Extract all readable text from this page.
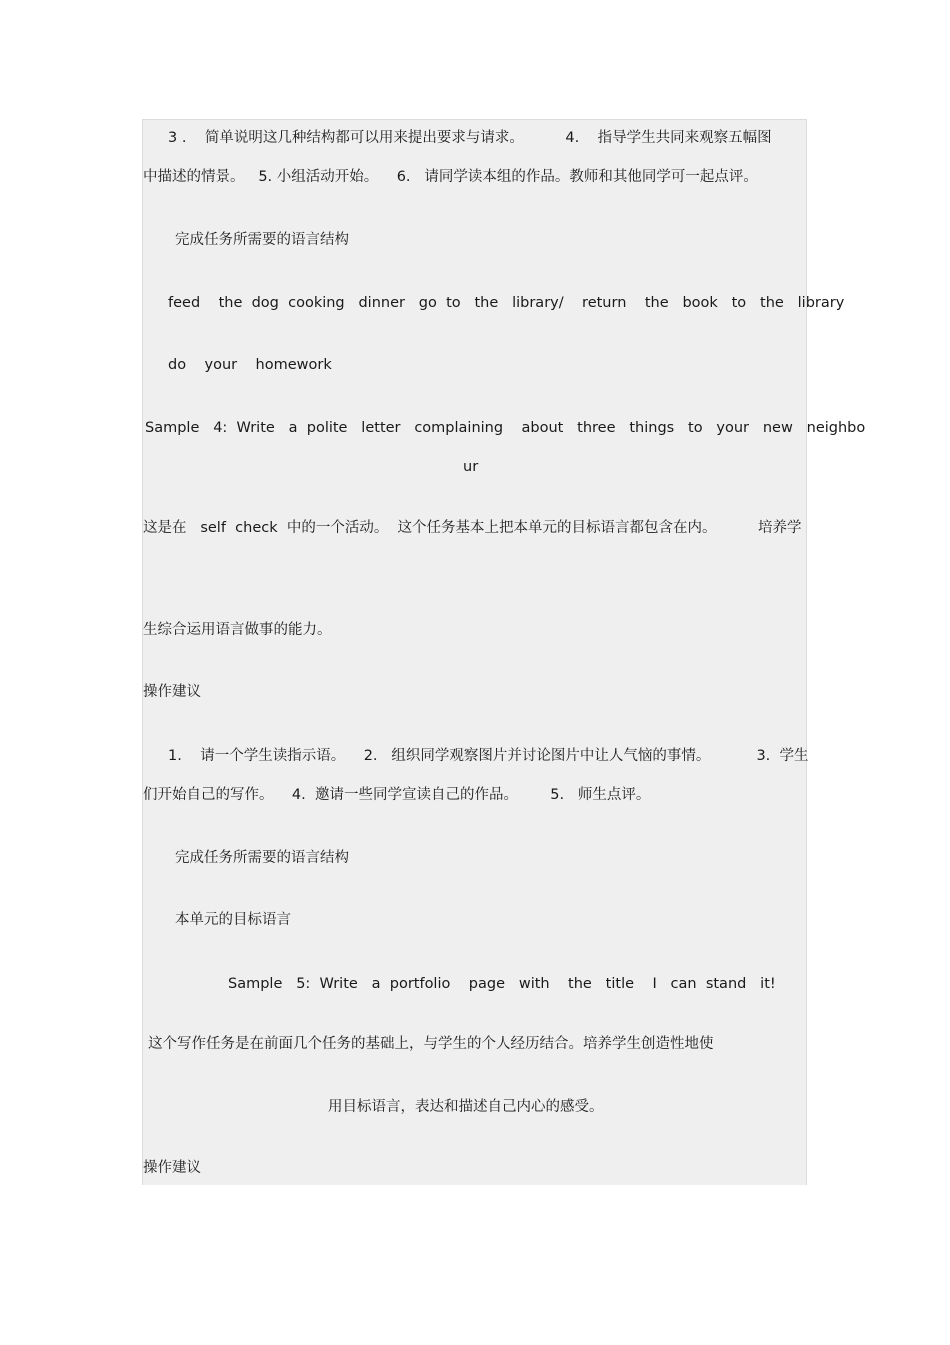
3 .    简单说明这几种结构都可以用来提出要求与请求。         4.    指导学生共同来观察五幅图
中描述的情景。   5. 小组活动开始。    6.   请同学读本组的作品。教师和其他同学可一起点评。
完成任务所需要的语言结构
feed    the  dog  cooking   dinner   go  to   the   library/    return    the   book   to   the   library
do    your    homework
Sample   4:  Write   a  polite   letter   complaining    about   three   things   to   your   new   neighbo
ur
这是在   self  check  中的一个活动。  这个任务基本上把本单元的目标语言都包含在内。         培养学
生综合运用语言做事的能力。
操作建议
1.    请一个学生读指示语。    2.   组织同学观察图片并讨论图片中让人气恼的事情。          3.  学生
们开始自己的写作。    4.  邀请一些同学宣读自己的作品。       5.   师生点评。
完成任务所需要的语言结构
本单元的目标语言
Sample   5:  Write   a  portfolio    page   with    the   title    I   can  stand   it!
这个写作任务是在前面几个任务的基础上，与学生的个人经历结合。培养学生创造性地使
用目标语言，表达和描述自己内心的感受。
操作建议
